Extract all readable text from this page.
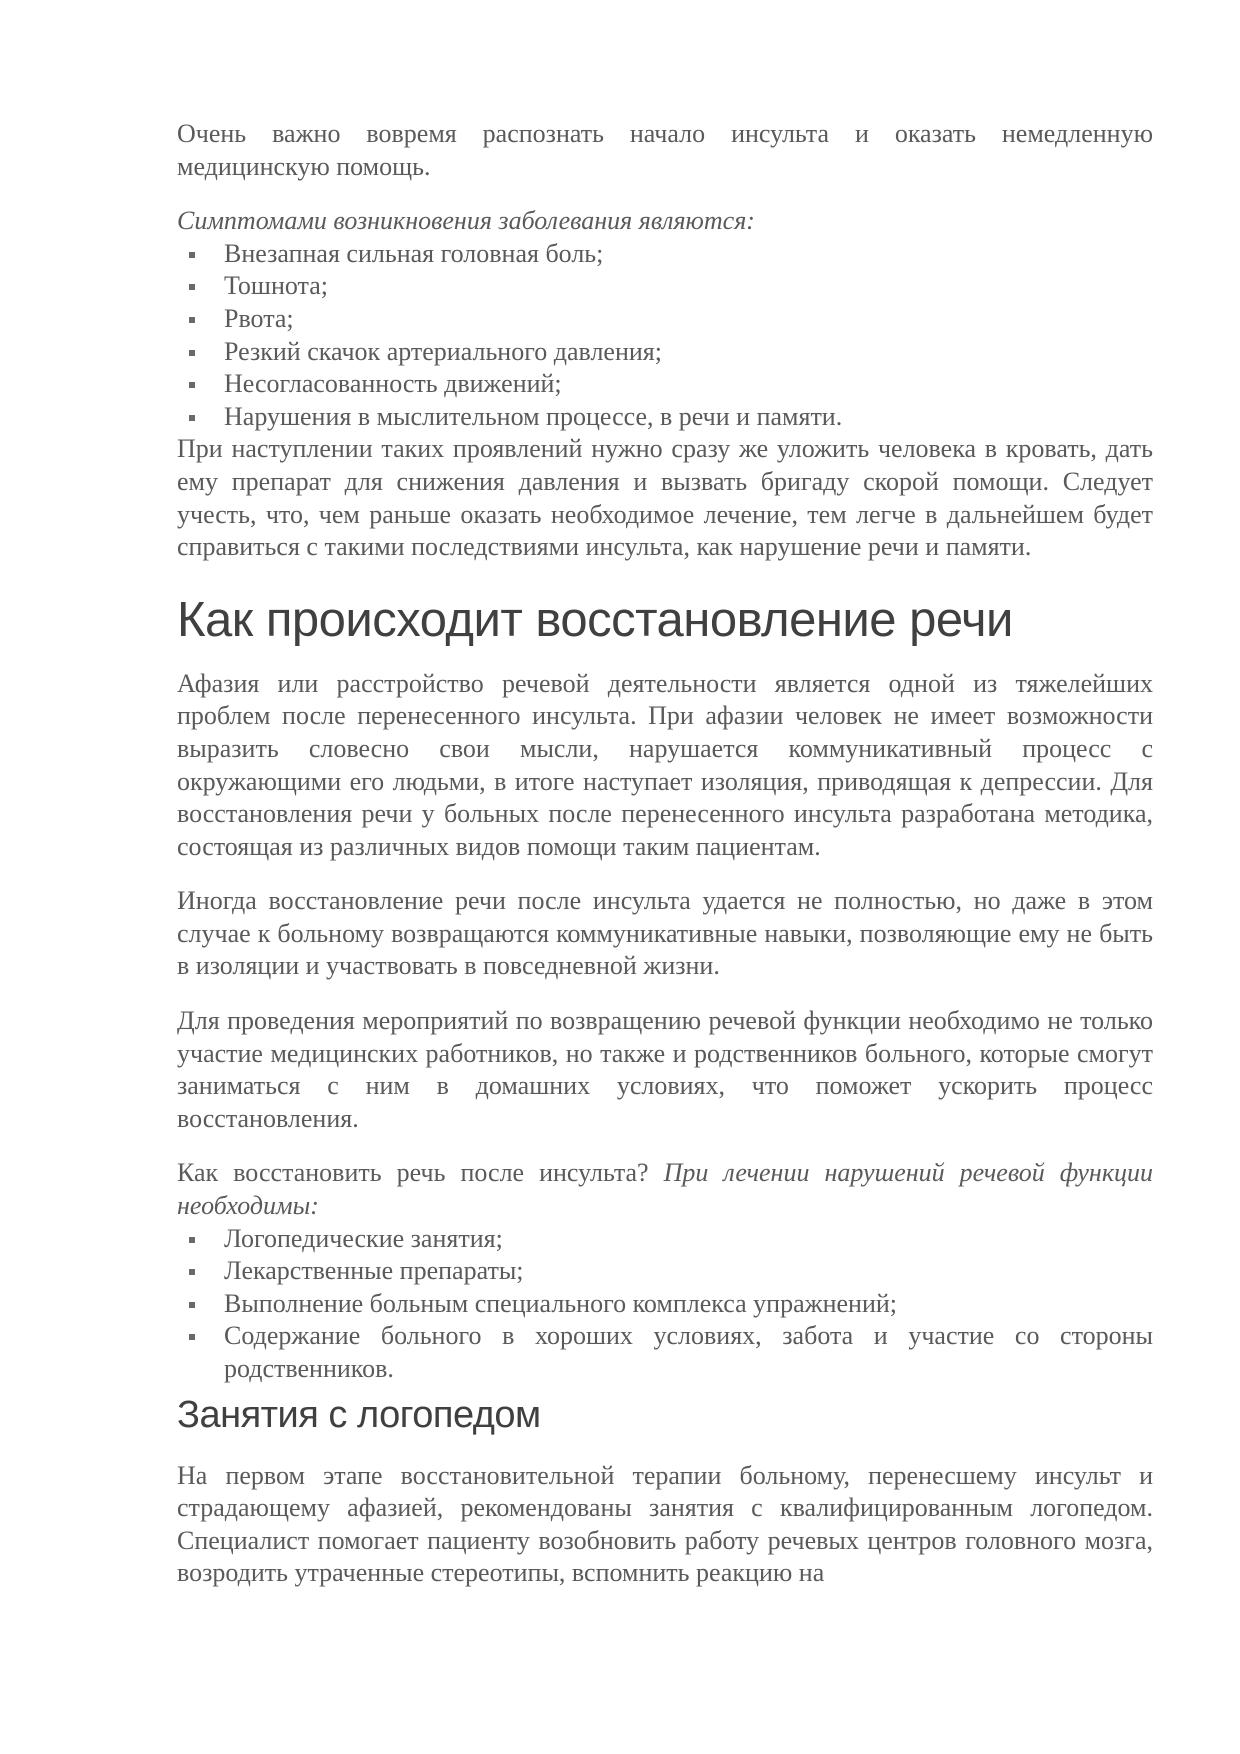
Очень важно вовремя распознать начало инсульта и оказать немедленную медицинскую помощь.

Симптомами возникновения заболевания являются:

Внезапная сильная головная боль;
Тошнота;
Рвота;
Резкий скачок артериального давления;
Несогласованность движений;
Нарушения в мыслительном процессе, в речи и памяти.

При наступлении таких проявлений нужно сразу же уложить человека в кровать, дать ему препарат для снижения давления и вызвать бригаду скорой помощи. Следует учесть, что, чем раньше оказать необходимое лечение, тем легче в дальнейшем будет справиться с такими последствиями инсульта, как нарушение речи и памяти.

Как происходит восстановление речи

Афазия или расстройство речевой деятельности является одной из тяжелейших проблем после перенесенного инсульта. При афазии человек не имеет возможности выразить словесно свои мысли, нарушается коммуникативный процесс с окружающими его людьми, в итоге наступает изоляция, приводящая к депрессии. Для восстановления речи у больных после перенесенного инсульта разработана методика, состоящая из различных видов помощи таким пациентам.

Иногда восстановление речи после инсульта удается не полностью, но даже в этом случае к больному возвращаются коммуникативные навыки, позволяющие ему не быть в изоляции и участвовать в повседневной жизни.

Для проведения мероприятий по возвращению речевой функции необходимо не только участие медицинских работников, но также и родственников больного, которые смогут заниматься с ним в домашних условиях, что поможет ускорить процесс восстановления.

Как восстановить речь после инсульта? При лечении нарушений речевой функции необходимы:

Логопедические занятия;
Лекарственные препараты;
Выполнение больным специального комплекса упражнений;
Содержание больного в хороших условиях, забота и участие со стороны родственников.
Занятия с логопедом

На первом этапе восстановительной терапии больному, перенесшему инсульт и страдающему афазией, рекомендованы занятия с квалифицированным логопедом. Специалист помогает пациенту возобновить работу речевых центров головного мозга, возродить утраченные стереотипы, вспомнить реакцию на
